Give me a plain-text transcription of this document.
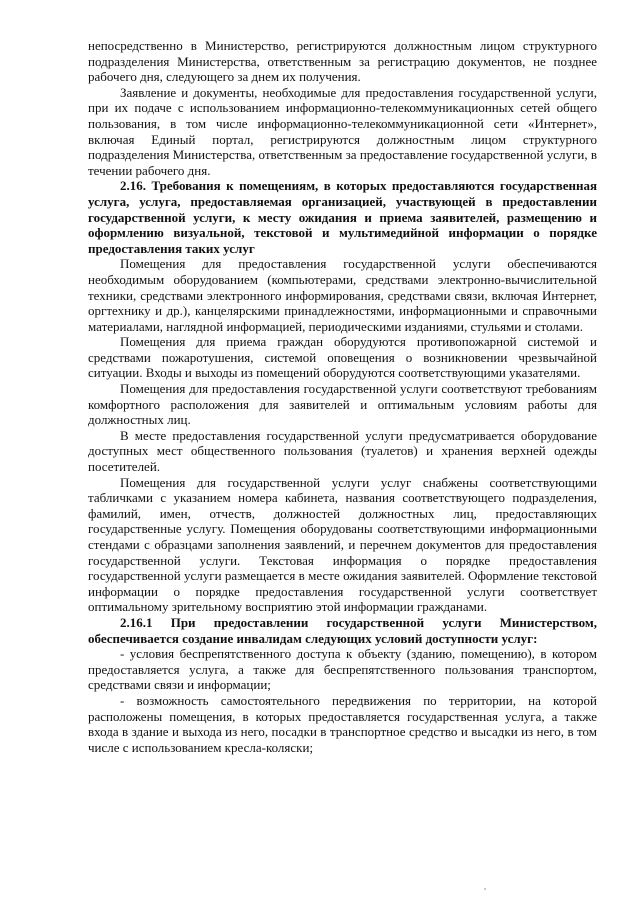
непосредственно в Министерство, регистрируются должностным лицом структурного подразделения Министерства, ответственным за регистрацию документов, не позднее рабочего дня, следующего за днем их получения.

Заявление и документы, необходимые для предоставления государственной услуги, при их подаче с использованием информационно-телекоммуникационных сетей общего пользования, в том числе информационно-телекоммуникационной сети «Интернет», включая Единый портал, регистрируются должностным лицом структурного подразделения Министерства, ответственным за предоставление государственной услуги, в течении рабочего дня.

2.16. Требования к помещениям, в которых предоставляются государственная услуга, услуга, предоставляемая организацией, участвующей в предоставлении государственной услуги, к месту ожидания и приема заявителей, размещению и оформлению визуальной, текстовой и мультимедийной информации о порядке предоставления таких услуг

Помещения для предоставления государственной услуги обеспечиваются необходимым оборудованием (компьютерами, средствами электронно-вычислительной техники, средствами электронного информирования, средствами связи, включая Интернет, оргтехнику и др.), канцелярскими принадлежностями, информационными и справочными материалами, наглядной информацией, периодическими изданиями, стульями и столами.

Помещения для приема граждан оборудуются противопожарной системой и средствами пожаротушения, системой оповещения о возникновении чрезвычайной ситуации. Входы и выходы из помещений оборудуются соответствующими указателями.

Помещения для предоставления государственной услуги соответствуют требованиям комфортного расположения для заявителей и оптимальным условиям работы для должностных лиц.

В месте предоставления государственной услуги предусматривается оборудование доступных мест общественного пользования (туалетов) и хранения верхней одежды посетителей.

Помещения для государственной услуги услуг снабжены соответствующими табличками с указанием номера кабинета, названия соответствующего подразделения, фамилий, имен, отчеств, должностей должностных лиц, предоставляющих государственные услугу. Помещения оборудованы соответствующими информационными стендами с образцами заполнения заявлений, и перечнем документов для предоставления государственной услуги. Текстовая информация о порядке предоставления государственной услуги размещается в месте ожидания заявителей. Оформление текстовой информации о порядке предоставления государственной услуги соответствует оптимальному зрительному восприятию этой информации гражданами.

2.16.1 При предоставлении государственной услуги Министерством, обеспечивается создание инвалидам следующих условий доступности услуг:

- условия беспрепятственного доступа к объекту (зданию, помещению), в котором предоставляется услуга, а также для беспрепятственного пользования транспортом, средствами связи и информации;

- возможность самостоятельного передвижения по территории, на которой расположены помещения, в которых предоставляется государственная услуга, а также входа в здание и выхода из него, посадки в транспортное средство и высадки из него, в том числе с использованием кресла-коляски;
